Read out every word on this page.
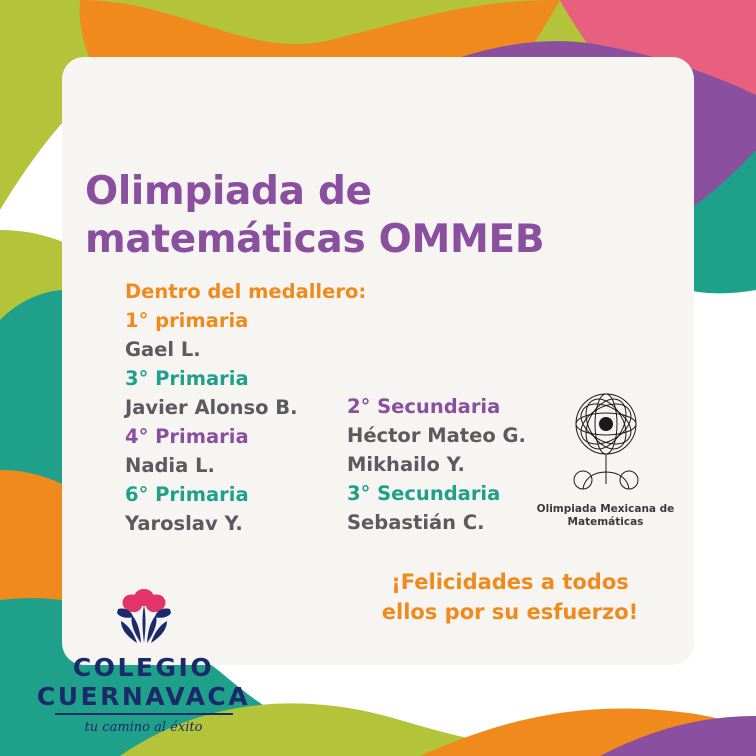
Olimpiada de matemáticas OMMEB
Dentro del medallero:
1° primaria
Gael L.
3° Primaria
Javier Alonso B.
4° Primaria
Nadia L.
6° Primaria
Yaroslav Y.
2° Secundaria
Héctor Mateo G.
Mikhailo Y.
3° Secundaria
Sebastián C.
Olimpiada Mexicana de Matemáticas
¡Felicidades a todos
ellos por su esfuerzo!
COLEGIO
CUERNAVACA
tu camino al éxito
